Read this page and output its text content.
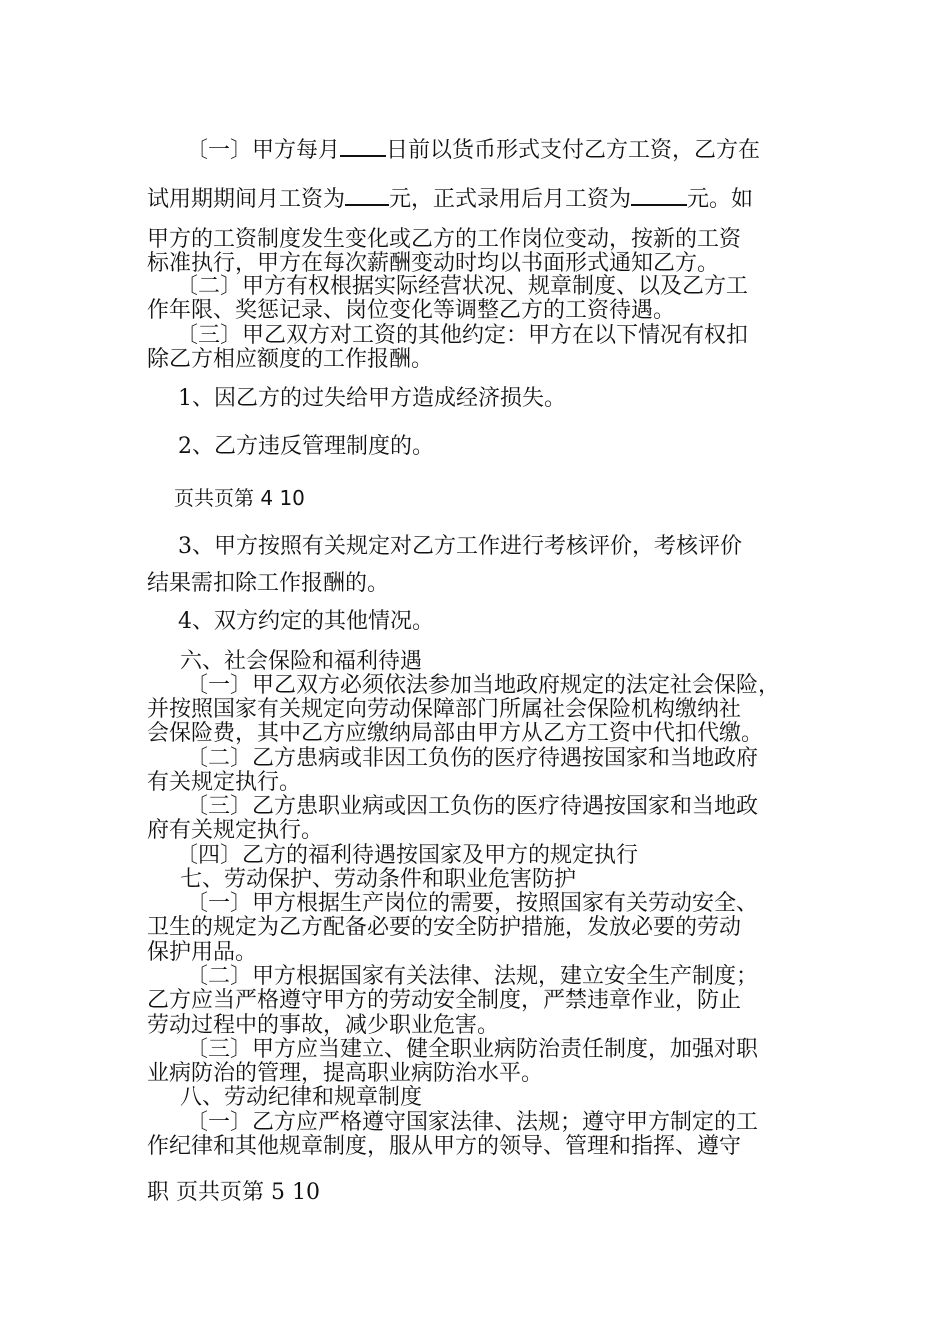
〔一〕甲方每月 日前以货币形式支付乙方工资，乙方在
试用期期间月工资为 元，正式录用后月工资为	元。如
甲方的工资制度发生变化或乙方的工作岗位变动，按新的工资
标准执行，甲方在每次薪酬变动时均以书面形式通知乙方。
〔二〕甲方有权根据实际经营状况、规章制度、以及乙方工
作年限、奖惩记录、岗位变化等调整乙方的工资待遇。
〔三〕甲乙双方对工资的其他约定：甲方在以下情况有权扣
除乙方相应额度的工作报酬。
1、因乙方的过失给甲方造成经济损失。
2、乙方违反管理制度的。
页共页第 4 10
3、甲方按照有关规定对乙方工作进行考核评价，考核评价
结果需扣除工作报酬的。
4、双方约定的其他情况。
六、社会保险和福利待遇
〔一〕甲乙双方必须依法参加当地政府规定的法定社会保险，
并按照国家有关规定向劳动保障部门所属社会保险机构缴纳社
会保险费，其中乙方应缴纳局部由甲方从乙方工资中代扣代缴。
〔二〕乙方患病或非因工负伤的医疗待遇按国家和当地政府
有关规定执行。
〔三〕乙方患职业病或因工负伤的医疗待遇按国家和当地政
府有关规定执行。
〔四〕乙方的福利待遇按国家及甲方的规定执行
七、劳动保护、劳动条件和职业危害防护
〔一〕甲方根据生产岗位的需要，按照国家有关劳动安全、
卫生的规定为乙方配备必要的安全防护措施，发放必要的劳动
保护用品。
〔二〕甲方根据国家有关法律、法规，建立安全生产制度；
乙方应当严格遵守甲方的劳动安全制度，严禁违章作业，防止
劳动过程中的事故，减少职业危害。
〔三〕甲方应当建立、健全职业病防治责任制度，加强对职
业病防治的管理，提高职业病防治水平。
八、劳动纪律和规章制度
〔一〕乙方应严格遵守国家法律、法规；遵守甲方制定的工
作纪律和其他规章制度，服从甲方的领导、管理和指挥、遵守
职 页共页第 5 10
